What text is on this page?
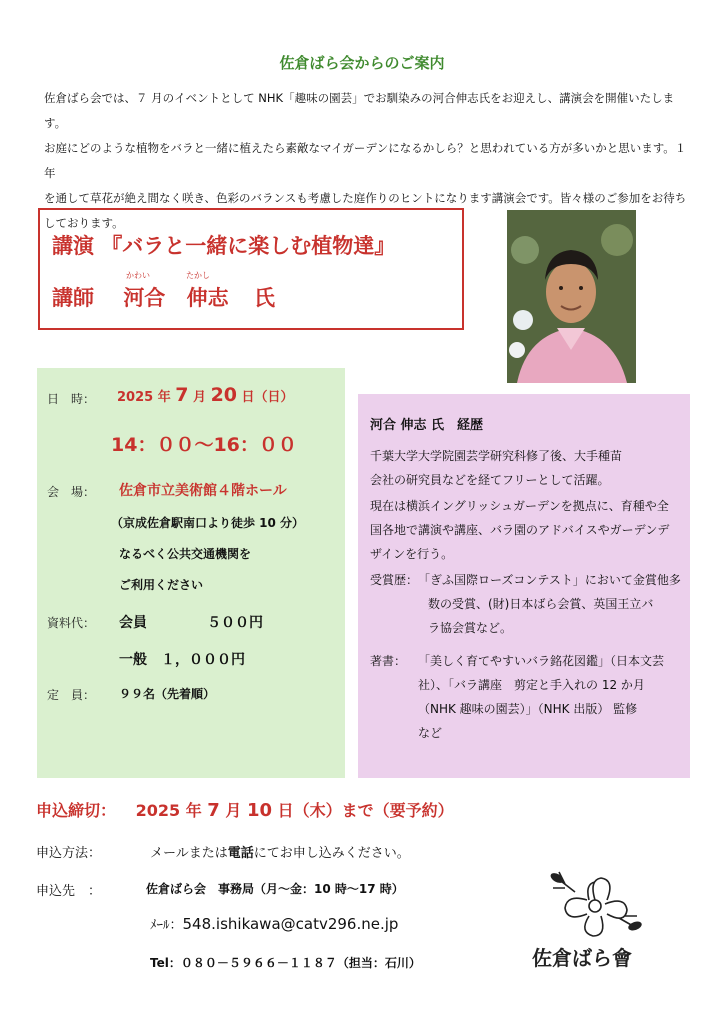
佐倉ばら会からのご案内

佐倉ばら会では、７ 月のイベントとして NHK「趣味の園芸」でお馴染みの河合伸志氏をお迎えし、講演会を開催いたします。

お庭にどのような植物をバラと一緒に植えたら素敵なマイガーデンになるかしら？と思われている方が多いかと思います。１ 年

を通して草花が絶え間なく咲き、色彩のバランスも考慮した庭作りのヒントになります講演会です。皆々様のご参加をお待ち

しております。

講演 『バラと一緒に楽しむ植物達』
かわい	たかし
講師 河合 伸志 氏
日　時： 2025 年 7 月 20 日（日）
14：００～16：００
会　場： 佐倉市立美術館４階ホール
（京成佐倉駅南口より徒歩 10 分）
なるべく公共交通機関を
ご利用ください
資料代： 会員	５００円
一般 １，０００円
定　員： ９９名（先着順）
河合 伸志 氏　経歴
千葉大学大学院園芸学研究科修了後、大手種苗
会社の研究員などを経てフリーとして活躍。
現在は横浜イングリッシュガーデンを拠点に、育種や全
国各地で講演や講座、バラ園のアドバイスやガーデンデ
ザインを行う。
受賞歴： 「ぎふ国際ローズコンテスト」において金賞他多
数の受賞、(財)日本ばら会賞、英国王立バ
ラ協会賞など。
著書： 「美しく育てやすいバラ銘花図鑑」（日本文芸
社）、「バラ講座　剪定と手入れの 12 か月
（NHK 趣味の園芸）」（NHK 出版） 監修
など
申込締切： 2025 年 7 月 10 日（木）まで（要予約）
申込方法：	メールまたは電話にてお申し込みください。
申込先　：	佐倉ばら会　事務局（月～金：10 時～17 時）
ﾒｰﾙ：548.ishikawa@catv296.ne.jp
Tel：０８０－５９６６－１１８７（担当：石川）	佐倉ばら會
